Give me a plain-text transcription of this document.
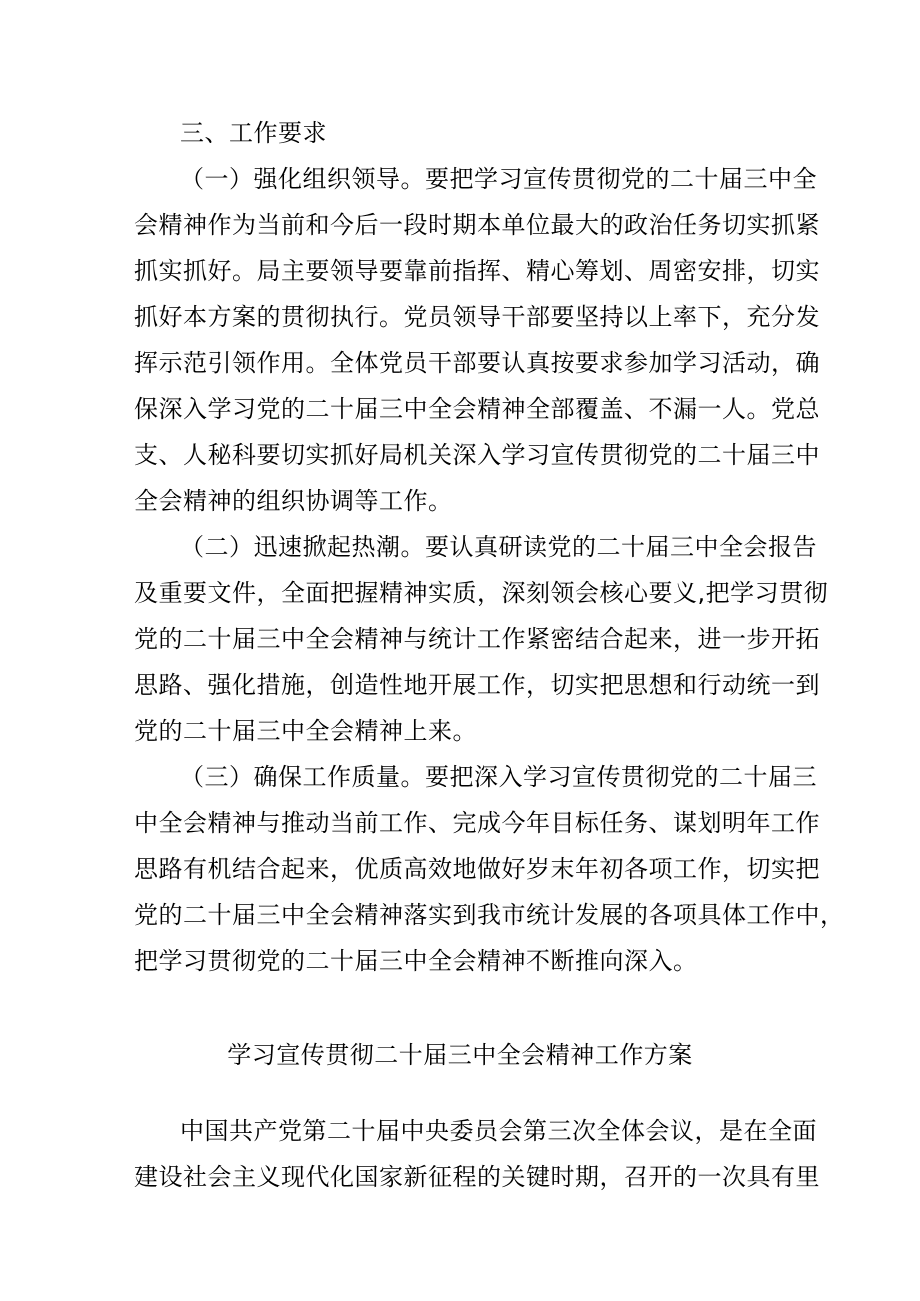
三、工作要求
（一）强化组织领导。要把学习宣传贯彻党的二十届三中全
会精神作为当前和今后一段时期本单位最大的政治任务切实抓紧
抓实抓好。局主要领导要靠前指挥、精心筹划、周密安排，切实
抓好本方案的贯彻执行。党员领导干部要坚持以上率下，充分发
挥示范引领作用。全体党员干部要认真按要求参加学习活动，确
保深入学习党的二十届三中全会精神全部覆盖、不漏一人。党总
支、人秘科要切实抓好局机关深入学习宣传贯彻党的二十届三中
全会精神的组织协调等工作。
（二）迅速掀起热潮。要认真研读党的二十届三中全会报告
及重要文件，全面把握精神实质，深刻领会核心要义,把学习贯彻
党的二十届三中全会精神与统计工作紧密结合起来，进一步开拓
思路、强化措施，创造性地开展工作，切实把思想和行动统一到
党的二十届三中全会精神上来。
（三）确保工作质量。要把深入学习宣传贯彻党的二十届三
中全会精神与推动当前工作、完成今年目标任务、谋划明年工作
思路有机结合起来，优质高效地做好岁末年初各项工作，切实把
党的二十届三中全会精神落实到我市统计发展的各项具体工作中，
把学习贯彻党的二十届三中全会精神不断推向深入。
学习宣传贯彻二十届三中全会精神工作方案
中国共产党第二十届中央委员会第三次全体会议，是在全面
建设社会主义现代化国家新征程的关键时期，召开的一次具有里
